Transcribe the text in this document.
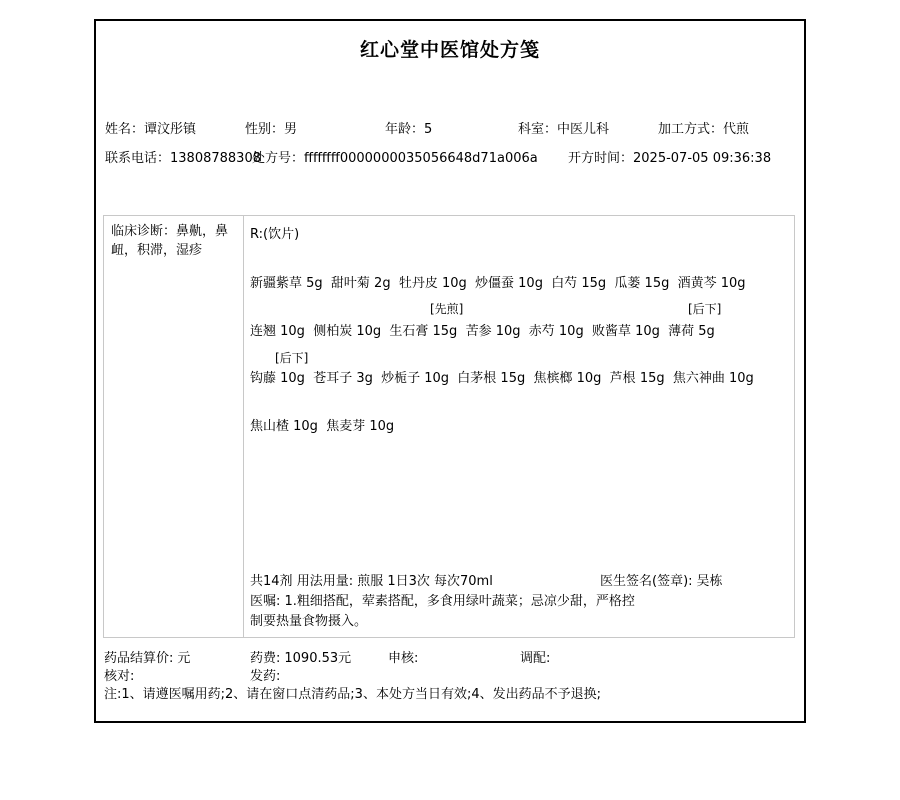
红心堂中医馆处方笺
姓名：谭汶彤镇	性别：男	年龄：5	科室：中医儿科	加工方式：代煎
联系电话：13808788308
处方号：ffffffff0000000035056648d71a006a 开方时间：2025-07-05 09:36:38
临床诊断：鼻鼽，鼻衄，积滞，湿疹
R:(饮片)
新疆紫草 5g  甜叶菊 2g  牡丹皮 10g  炒僵蚕 10g  白芍 15g  瓜蒌 15g  酒黄芩 10g
[先煎]	[后下]
连翘 10g  侧柏炭 10g  生石膏 15g  苦参 10g  赤芍 10g  败酱草 10g  薄荷 5g
[后下]
钩藤 10g  苍耳子 3g  炒栀子 10g  白茅根 15g  焦槟榔 10g  芦根 15g  焦六神曲 10g
焦山楂 10g  焦麦芽 10g
共14剂 用法用量: 煎服 1日3次 每次70ml	医生签名(签章): 吴栋
医嘱: 1.粗细搭配，荤素搭配，多食用绿叶蔬菜；忌凉少甜，严格控制要热量食物摄入。
药品结算价: 元	药费: 1090.53元	申核:	调配:
核对:	发药:
注:1、请遵医嘱用药;2、请在窗口点清药品;3、本处方当日有效;4、发出药品不予退换;
